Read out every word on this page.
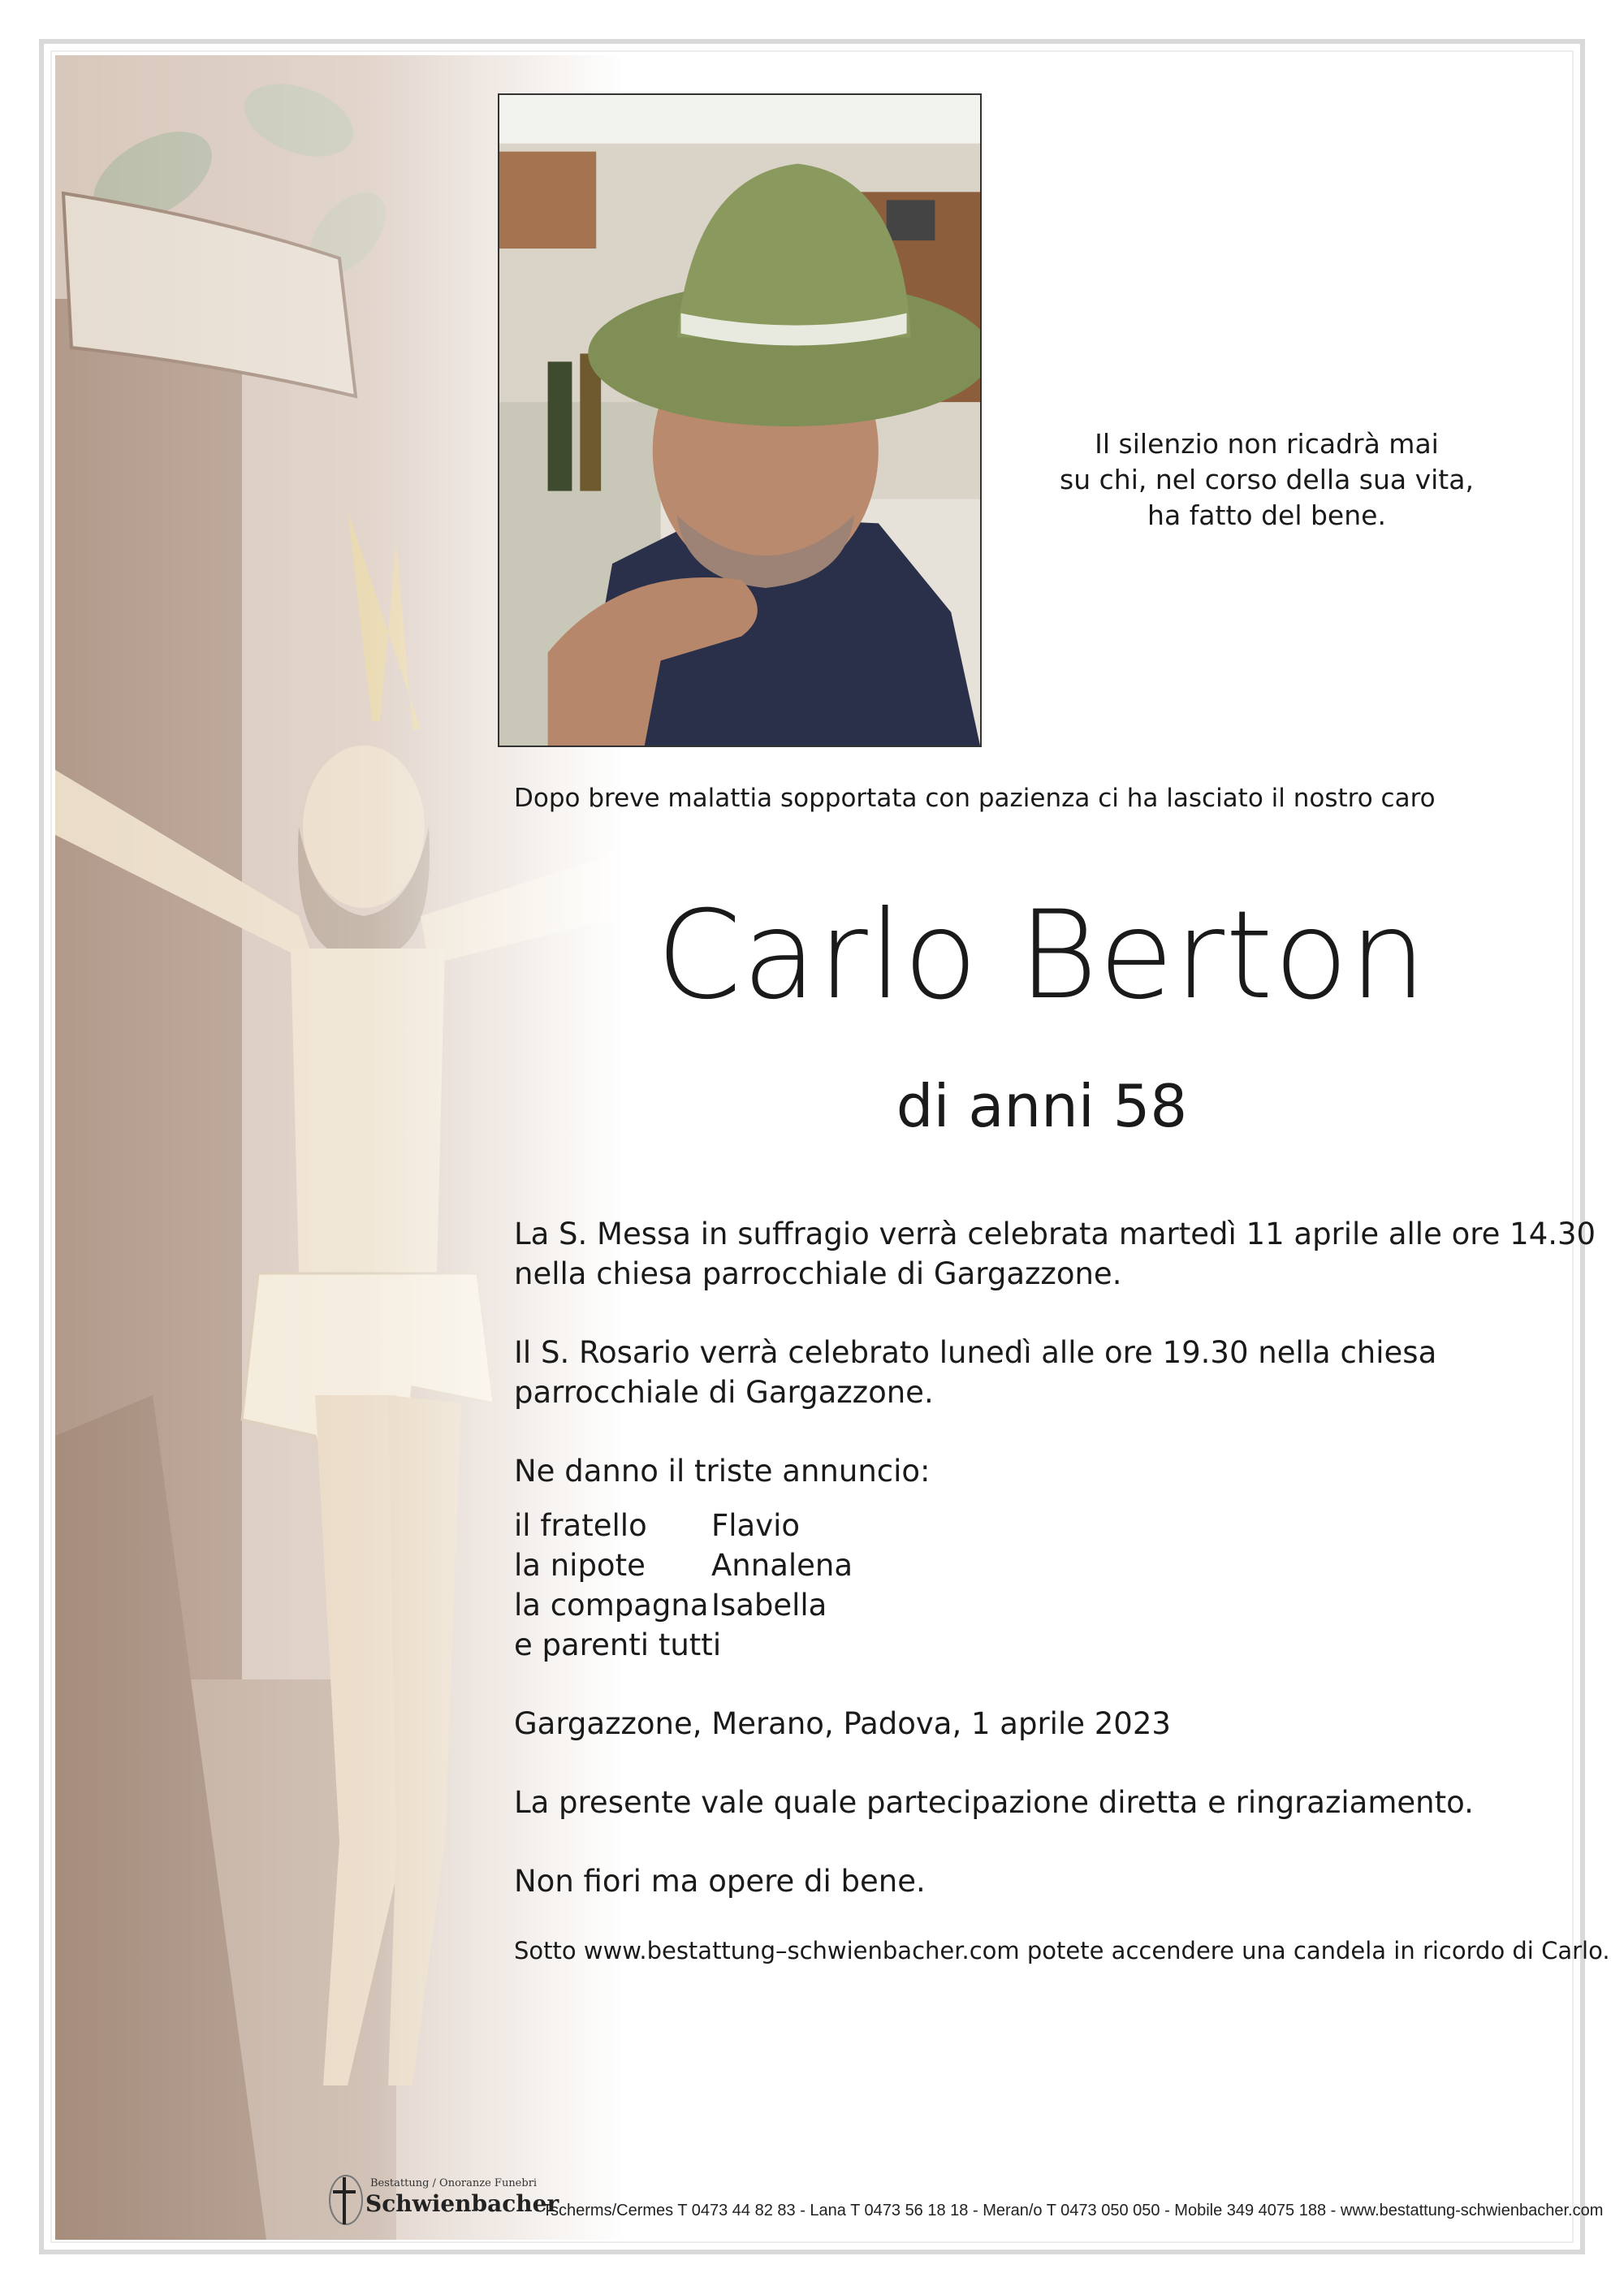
Il silenzio non ricadrà mai
su chi, nel corso della sua vita,
ha fatto del bene.
Dopo breve malattia sopportata con pazienza ci ha lasciato il nostro caro
Carlo Berton
di anni 58

La S. Messa in suffragio verrà celebrata martedì 11 aprile alle ore 14.30

nella chiesa parrocchiale di Gargazzone.

Il S. Rosario verrà celebrato lunedì alle ore 19.30 nella chiesa

parrocchiale di Gargazzone.

Ne danno il triste annuncio:

il fratello	Flavio
la nipote	Annalena
la compagna Isabella
e parenti tutti

Gargazzone, Merano, Padova, 1 aprile 2023

La presente vale quale partecipazione diretta e ringraziamento.

Non fiori ma opere di bene.

Sotto www.bestattung–schwienbacher.com potete accendere una candela in ricordo di Carlo.
Bestattung / Onoranze Funebri
Schwienbacher
Tscherms/Cermes T 0473 44 82 83 - Lana T 0473 56 18 18 - Meran/o T 0473 050 050 - Mobile 349 4075 188 - www.bestattung-schwienbacher.com
